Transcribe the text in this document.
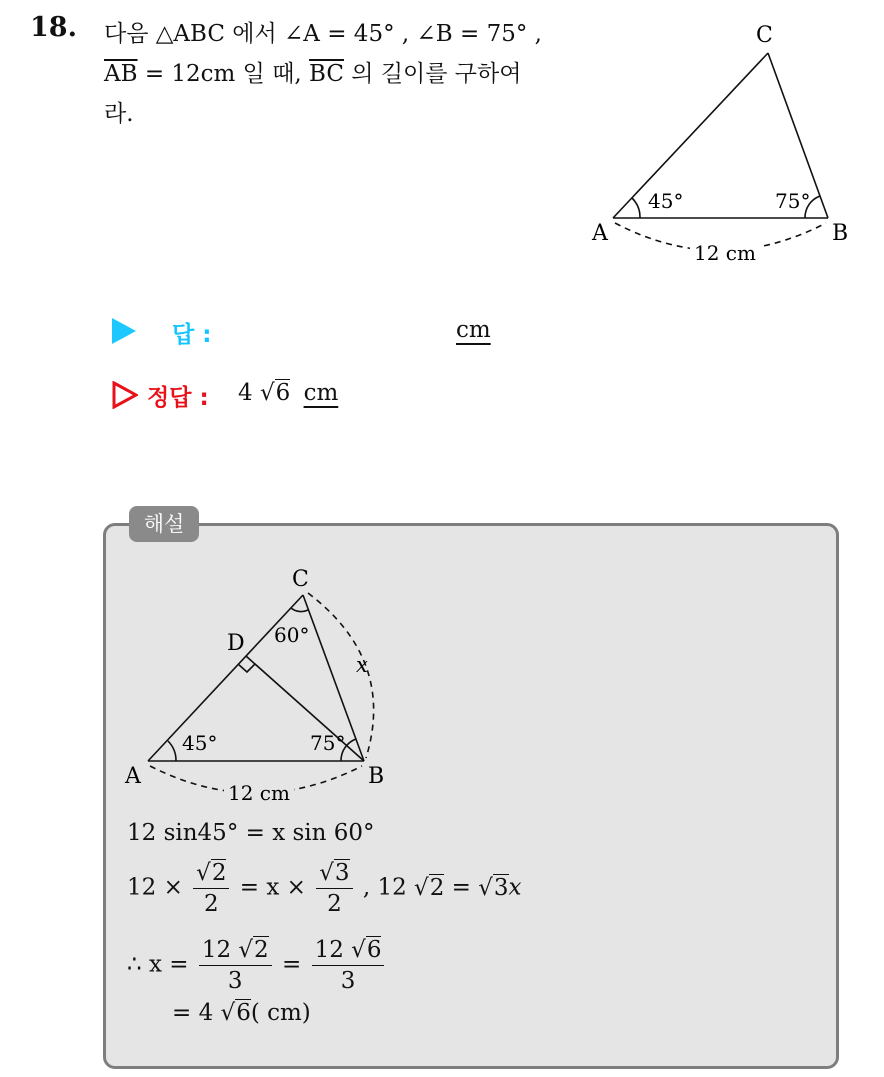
18. 다음 △ABC 에서 ∠A = 45° , ∠B = 75° ,
$\overline{AB} = 12cm$ 일 때, $\overline{BC}$ 의 길이를 구하여
라.
C
A	B
45°	75°
12 cm
답 :	cm
정답 : 4 √6 cm
해설
C
D
A	B
45°	75°
60°
x
12 cm
12 sin45° = x sin 60°
$12 \times \frac{√2}{2} = x \times \frac{√3}{2}$ , 12 √2 = √3x
∴ $x = \frac{12 √2}{3} = \frac{12 √6}{3}$
= 4 √6( cm)
